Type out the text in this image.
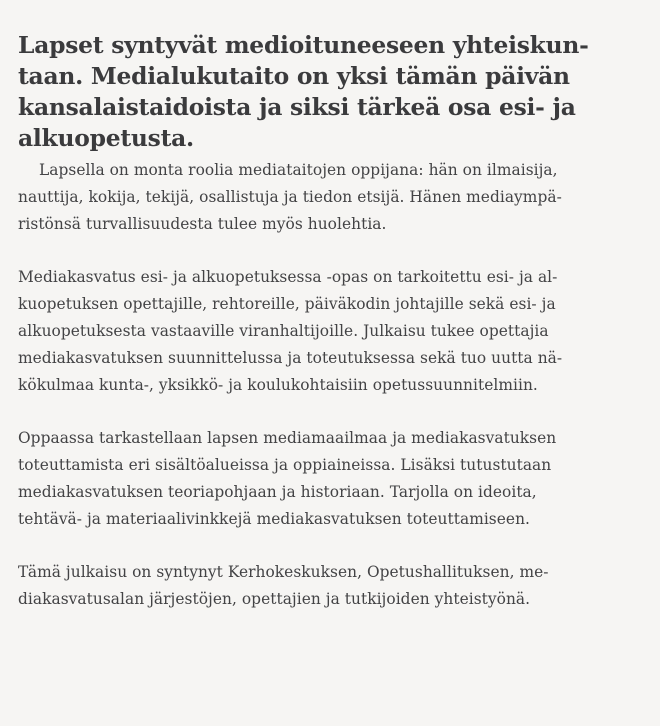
Lapset syntyvät medioituneeseen yhteiskun-
taan. Medialukutaito on yksi tämän päivän
kansalaistaidoista ja siksi tärkeä osa esi- ja
alkuopetusta.

Lapsella on monta roolia mediataitojen oppijana: hän on ilmaisija,
nauttija, kokija, tekijä, osallistuja ja tiedon etsijä. Hänen mediaympä-
ristönsä turvallisuudesta tulee myös huolehtia.

Mediakasvatus esi- ja alkuopetuksessa -opas on tarkoitettu esi- ja al-
kuopetuksen opettajille, rehtoreille, päiväkodin johtajille sekä esi- ja
alkuopetuksesta vastaaville viranhaltijoille. Julkaisu tukee opettajia
mediakasvatuksen suunnittelussa ja toteutuksessa sekä tuo uutta nä-
kökulmaa kunta-, yksikkö- ja koulukohtaisiin opetussuunnitelmiin.

Oppaassa tarkastellaan lapsen mediamaailmaa ja mediakasvatuksen
toteuttamista eri sisältöalueissa ja oppiaineissa. Lisäksi tutustutaan
mediakasvatuksen teoriapohjaan ja historiaan. Tarjolla on ideoita,
tehtävä- ja materiaalivinkkejä mediakasvatuksen toteuttamiseen.

Tämä julkaisu on syntynyt Kerhokeskuksen, Opetushallituksen, me-
diakasvatusalan järjestöjen, opettajien ja tutkijoiden yhteistyönä.
